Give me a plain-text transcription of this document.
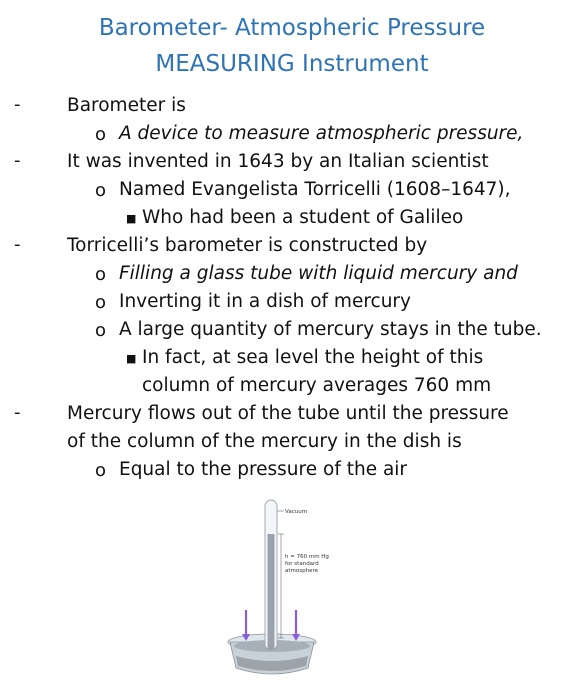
Barometer- Atmospheric Pressure
MEASURING Instrument
-	Barometer is
o A device to measure atmospheric pressure,
-	It was invented in 1643 by an Italian scientist
o Named Evangelista Torricelli (1608–1647),
■ Who had been a student of Galileo
-	Torricelli’s barometer is constructed by
o Filling a glass tube with liquid mercury and
o Inverting it in a dish of mercury
o A large quantity of mercury stays in the tube.
■ In fact, at sea level the height of this
column of mercury averages 760 mm
-	Mercury flows out of the tube until the pressure
of the column of the mercury in the dish is
o Equal to the pressure of the air
Vacuum
h = 760 mm Hg
for standard
atmosphere
